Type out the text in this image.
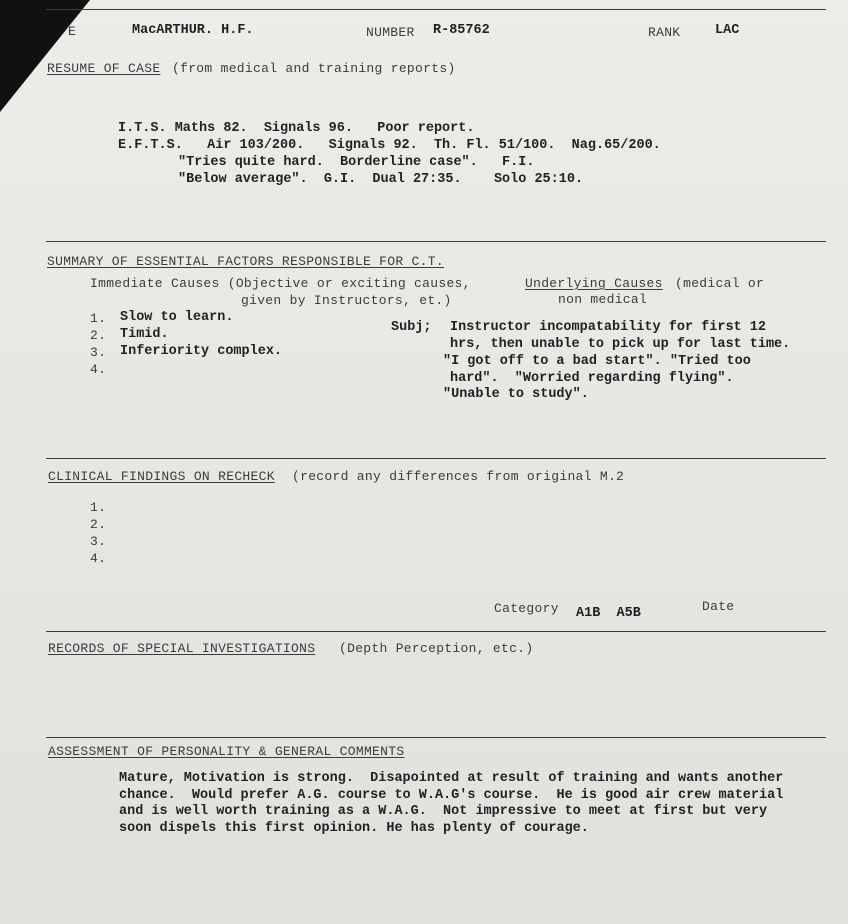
E	MacARTHUR. H.F.	NUMBER R-85762	RANK	LAC
RESUME OF CASE (from medical and training reports)
I.T.S. Maths 82.  Signals 96.   Poor report.
E.F.T.S.   Air 103/200.   Signals 92.  Th. Fl. 51/100.  Nag.65/200.
"Tries quite hard.  Borderline case".   F.I.
"Below average".  G.I.  Dual 27:35.    Solo 25:10.
SUMMARY OF ESSENTIAL FACTORS RESPONSIBLE FOR C.T.
Immediate Causes (Objective or exciting causes,
given by Instructors, et.)
Underlying Causes (medical or
non medical
1. Slow to learn.
2. Timid.
3. Inferiority complex.
4.
Subj; Instructor incompatability for first 12
hrs, then unable to pick up for last time.
"I got off to a bad start". "Tried too
hard".  "Worried regarding flying".
"Unable to study".
CLINICAL FINDINGS ON RECHECK (record any differences from original M.2
1.
2.
3.
4.
Category A1B  A5B	Date
RECORDS OF SPECIAL INVESTIGATIONS (Depth Perception, etc.)
ASSESSMENT OF PERSONALITY & GENERAL COMMENTS
Mature, Motivation is strong.  Disapointed at result of training and wants another
chance.  Would prefer A.G. course to W.A.G's course.  He is good air crew material
and is well worth training as a W.A.G.  Not impressive to meet at first but very
soon dispels this first opinion. He has plenty of courage.
